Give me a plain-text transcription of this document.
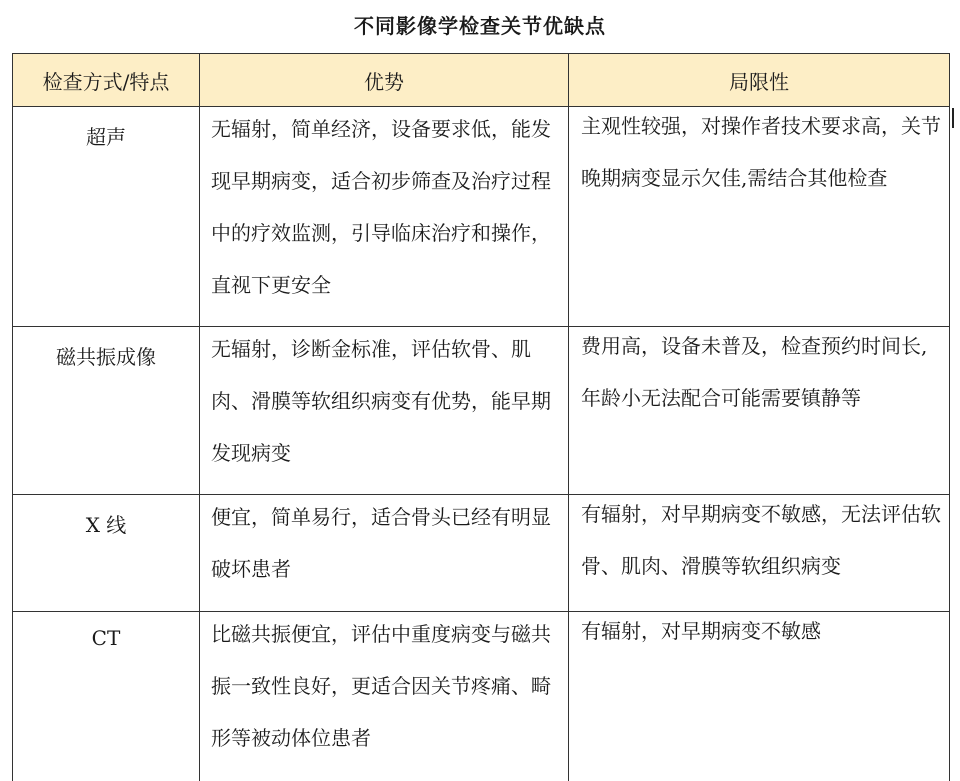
不同影像学检查关节优缺点
检查方式/特点	优势	局限性
超声	无辐射，简单经济，设备要求低，能发现早期病变，适合初步筛查及治疗过程中的疗效监测，引导临床治疗和操作，直视下更安全	主观性较强，对操作者技术要求高，关节晚期病变显示欠佳,需结合其他检查

磁共振成像	无辐射，诊断金标准，评估软骨、肌肉、滑膜等软组织病变有优势，能早期发现病变	费用高，设备未普及，检查预约时间长,年龄小无法配合可能需要镇静等

X 线	便宜，简单易行，适合骨头已经有明显破坏患者	有辐射，对早期病变不敏感，无法评估软骨、肌肉、滑膜等软组织病变

CT	比磁共振便宜，评估中重度病变与磁共振一致性良好，更适合因关节疼痛、畸形等被动体位患者	有辐射，对早期病变不敏感
